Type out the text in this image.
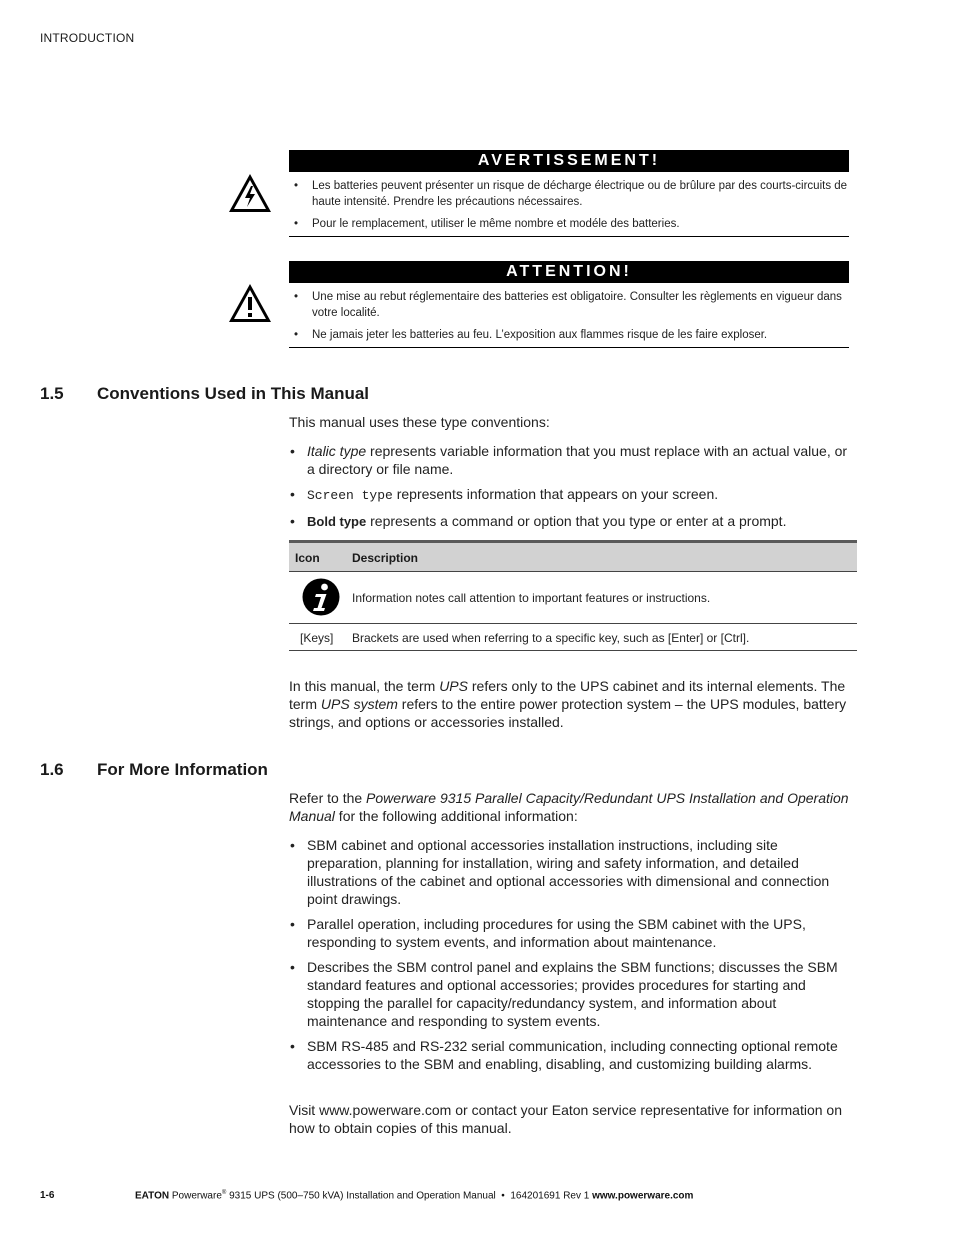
INTRODUCTION
AVERTISSEMENT!
• Les batteries peuvent présenter un risque de décharge électrique ou de brûlure par des courts-circuits de haute intensité. Prendre les précautions nécessaires.
• Pour le remplacement, utiliser le même nombre et modéle des batteries.
ATTENTION!
• Une mise au rebut réglementaire des batteries est obligatoire. Consulter les règlements en vigueur dans votre localité.
• Ne jamais jeter les batteries au feu. L’exposition aux flammes risque de les faire exploser.
1.5 Conventions Used in This Manual
This manual uses these type conventions:
• Italic type represents variable information that you must replace with an actual value, or a directory or file name.
• Screen type represents information that appears on your screen.
• Bold type represents a command or option that you type or enter at a prompt.
Icon	Description
Information notes call attention to important features or instructions.
[Keys] Brackets are used when referring to a specific key, such as [Enter] or [Ctrl].
In this manual, the term UPS refers only to the UPS cabinet and its internal elements. The term UPS system refers to the entire power protection system – the UPS modules, battery strings, and options or accessories installed.
1.6 For More Information
Refer to the Powerware 9315 Parallel Capacity/Redundant UPS Installation and Operation Manual for the following additional information:
• SBM cabinet and optional accessories installation instructions, including site preparation, planning for installation, wiring and safety information, and detailed illustrations of the cabinet and optional accessories with dimensional and connection point drawings.
• Parallel operation, including procedures for using the SBM cabinet with the UPS, responding to system events, and information about maintenance.
• Describes the SBM control panel and explains the SBM functions; discusses the SBM standard features and optional accessories; provides procedures for starting and stopping the parallel for capacity/redundancy system, and information about maintenance and responding to system events.
• SBM RS-485 and RS-232 serial communication, including connecting optional remote accessories to the SBM and enabling, disabling, and customizing building alarms.
Visit www.powerware.com or contact your Eaton service representative for information on how to obtain copies of this manual.
1-6	EATON Powerware® 9315 UPS (500–750 kVA) Installation and Operation Manual  •  164201691 Rev 1 www.powerware.com
